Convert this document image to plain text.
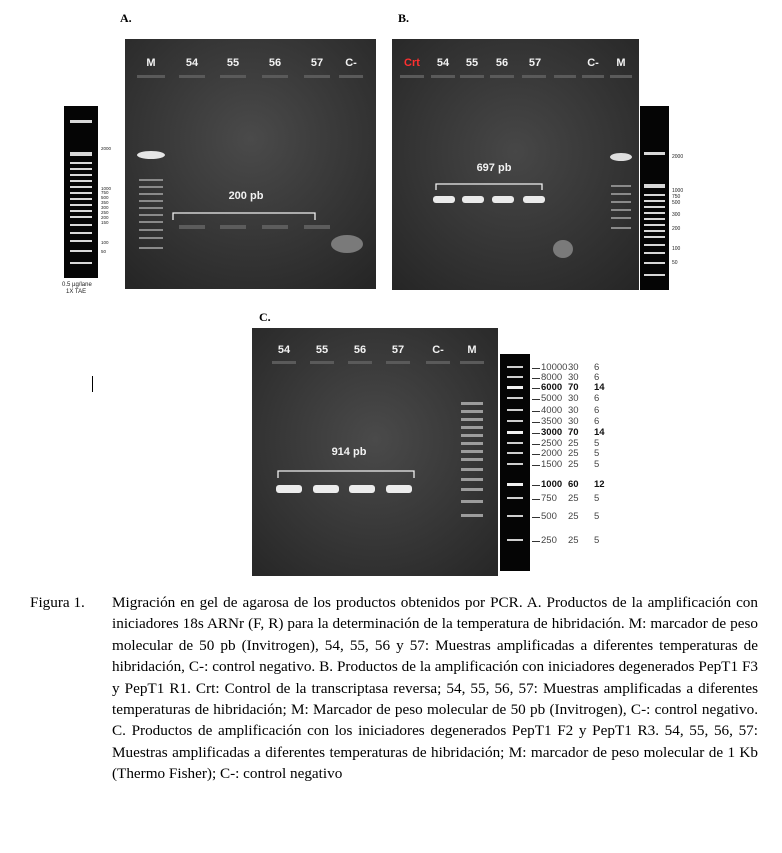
A.
0.5 µg/lane
1X TAE
2000
1000
750
500
350
300
250
200
150
100
50
M	54	55	56	57 C-
200 pb
B.
Crt 54 55 56 57	C- M
697 pb
2000
1000
750
500
300
200
100
50
C.
54 55 56 57	C- M
914 pb
10000 30 6
8000 30 6
6000 70 14
5000 30 6
4000 30 6
3500 30 6
3000 70 14
2500 25 5
2000 25 5
1500 25 5
1000 60 12
750 25 5
500 25 5
250 25 5
Figura 1. Migración en gel de agarosa de los productos obtenidos por PCR. A. Productos de la amplificación con iniciadores 18s ARNr (F, R) para la determinación de la temperatura de hibridación. M: marcador de peso molecular de 50 pb (Invitrogen), 54, 55, 56 y 57: Muestras amplificadas a diferentes temperaturas de hibridación, C-: control negativo. B. Productos de la amplificación con iniciadores degenerados PepT1 F3 y PepT1 R1. Crt: Control de la transcriptasa reversa; 54, 55, 56, 57: Muestras amplificadas a diferentes temperaturas de hibridación; M: Marcador de peso molecular de 50 pb (Invitrogen), C-: control negativo. C. Productos de amplificación con los iniciadores degenerados PepT1 F2 y PepT1 R3. 54, 55, 56, 57: Muestras amplificadas a diferentes temperaturas de hibridación; M: marcador de peso molecular de 1 Kb (Thermo Fisher); C-: control negativo
